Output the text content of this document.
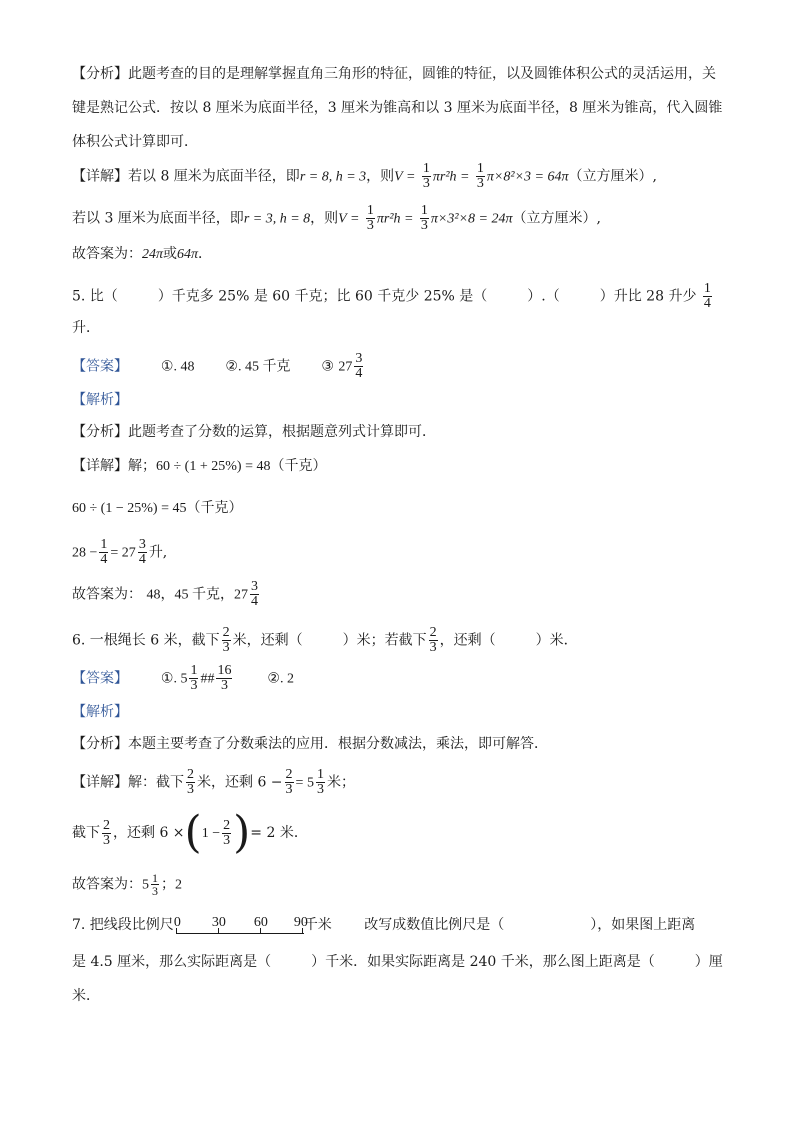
【分析】此题考查的目的是理解掌握直角三角形的特征，圆锥的特征，以及圆锥体积公式的灵活运用，关
键是熟记公式．按以 8 厘米为底面半径，3 厘米为锥高和以 3 厘米为底面半径，8 厘米为锥高，代入圆锥
体积公式计算即可．
【详解】若以 8 厘米为底面半径，即r = 8, h = 3，则$V = \frac{1}{3} \pi r^2h = \frac{1}{3} \pi\times 8^2\times 3 = 64\pi$（立方厘米）,
若以 3 厘米为底面半径，即r = 3, h = 8，则$V = \frac{1}{3} \pi r^2h = \frac{1}{3} \pi\times 3^2\times 8 = 24\pi$（立方厘米）,
故答案为：24π或64π．
5. 比（	）千克多 25% 是 60 千克；比 60 千克少 25% 是（	）.（	）升比 28 升少 $\frac{1}{4}$
升．
【答案】 ①. 48 ②. 45 千克 ③ $27 \frac{3}{4}$
【解析】
【分析】此题考查了分数的运算，根据题意列式计算即可．
【详解】解；60 ÷ (1 + 25%) = 48（千克）
60 ÷ (1 − 25%) = 45（千克）
$28 - \frac{1}{4} = 27 \frac{3}{4}$ 升,
故答案为： 48，45 千克，$27 \frac{3}{4}$
6. 一根绳长 6 米，截下 $\frac{2}{3}$ 米，还剩（	）米；若截下 $\frac{2}{3}$ ，还剩（	）米．
【答案】 ①. $5 \frac{1}{3}$ ## $\frac{16}{3}$ ②. 2
【解析】
【分析】本题主要考查了分数乘法的应用．根据分数减法，乘法，即可解答．
【详解】解：截下 $\frac{2}{3}$ 米，还剩 $6 - \frac{2}{3} = 5 \frac{1}{3}$ 米；
截下 $\frac{2}{3}$ ，还剩 $6 \times(1 - \frac{2}{3}$ )= 2 米．
故答案为：$5 \frac{1}{3}$ ；2
7. 把线段比例尺 0 30 60 90
千米 改写成数值比例尺是（	），如果图上距离
是 4.5 厘米，那么实际距离是（	）千米．如果实际距离是 240 千米，那么图上距离是（	）厘
米．
